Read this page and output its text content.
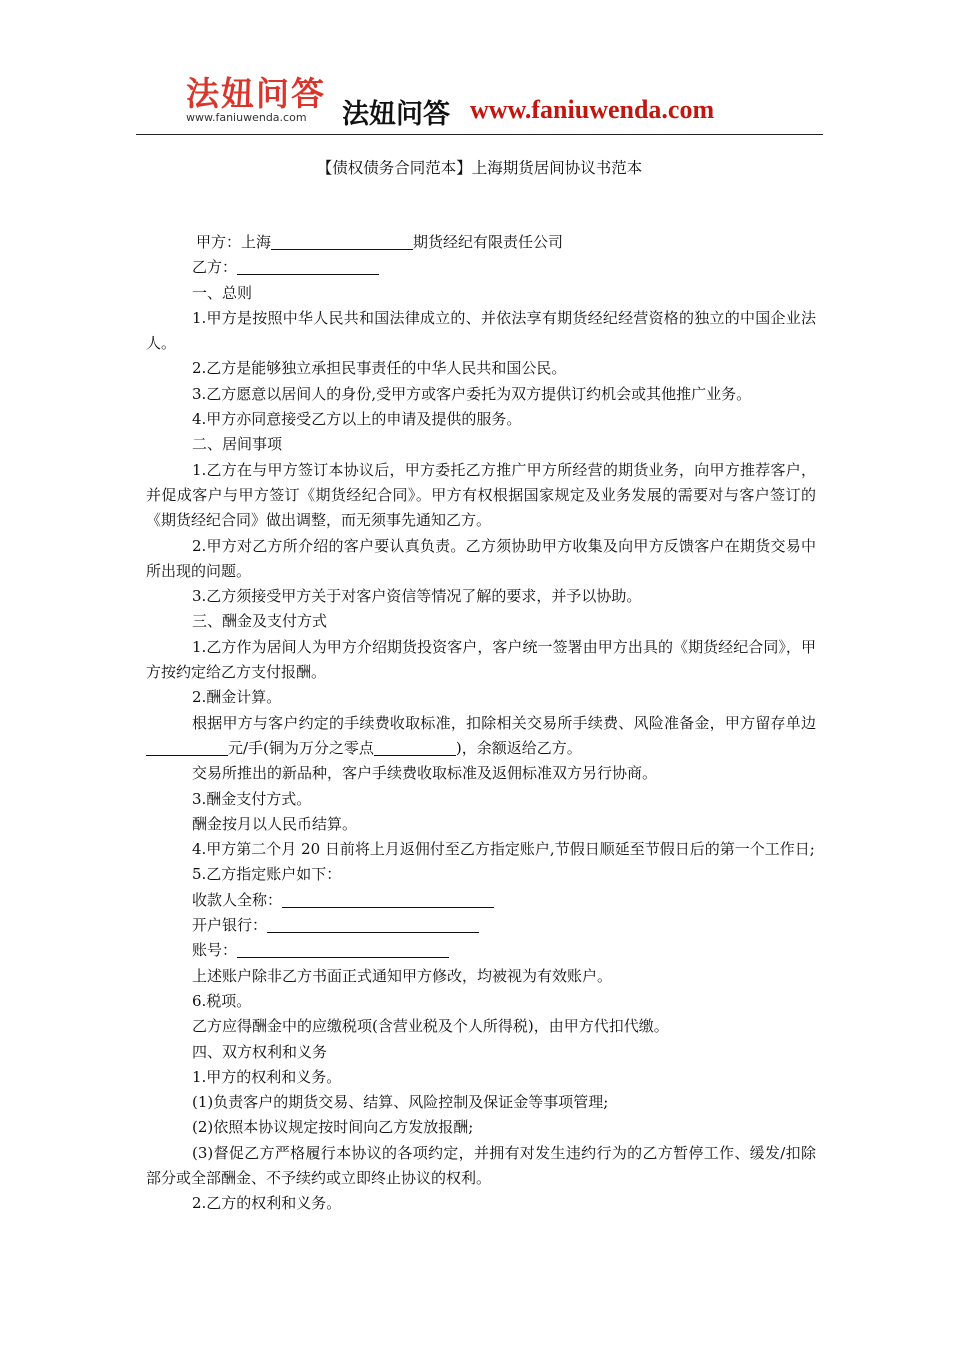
法妞问答
www.faniuwenda.com	法妞问答 www.faniuwenda.com
【债权债务合同范本】上海期货居间协议书范本

甲方：上海	期货经纪有限责任公司

乙方：

一、总则

1.甲方是按照中华人民共和国法律成立的、并依法享有期货经纪经营资格的独立的中国企业法人。

2.乙方是能够独立承担民事责任的中华人民共和国公民。

3.乙方愿意以居间人的身份,受甲方或客户委托为双方提供订约机会或其他推广业务。

4.甲方亦同意接受乙方以上的申请及提供的服务。

二、居间事项

1.乙方在与甲方签订本协议后，甲方委托乙方推广甲方所经营的期货业务，向甲方推荐客户，并促成客户与甲方签订《期货经纪合同》。甲方有权根据国家规定及业务发展的需要对与客户签订的《期货经纪合同》做出调整，而无须事先通知乙方。

2.甲方对乙方所介绍的客户要认真负责。乙方须协助甲方收集及向甲方反馈客户在期货交易中所出现的问题。

3.乙方须接受甲方关于对客户资信等情况了解的要求，并予以协助。

三、酬金及支付方式

1.乙方作为居间人为甲方介绍期货投资客户，客户统一签署由甲方出具的《期货经纪合同》，甲方按约定给乙方支付报酬。

2.酬金计算。

根据甲方与客户约定的手续费收取标准，扣除相关交易所手续费、风险准备金，甲方留存单边元/手(铜为万分之零点	)，余额返给乙方。

交易所推出的新品种，客户手续费收取标准及返佣标准双方另行协商。

3.酬金支付方式。

酬金按月以人民币结算。

4.甲方第二个月 20 日前将上月返佣付至乙方指定账户,节假日顺延至节假日后的第一个工作日;

5.乙方指定账户如下：

收款人全称：

开户银行：

账号：

上述账户除非乙方书面正式通知甲方修改，均被视为有效账户。

6.税项。

乙方应得酬金中的应缴税项(含营业税及个人所得税)，由甲方代扣代缴。

四、双方权利和义务

1.甲方的权利和义务。

(1)负责客户的期货交易、结算、风险控制及保证金等事项管理;

(2)依照本协议规定按时间向乙方发放报酬;

(3)督促乙方严格履行本协议的各项约定，并拥有对发生违约行为的乙方暂停工作、缓发/扣除部分或全部酬金、不予续约或立即终止协议的权利。

2.乙方的权利和义务。
